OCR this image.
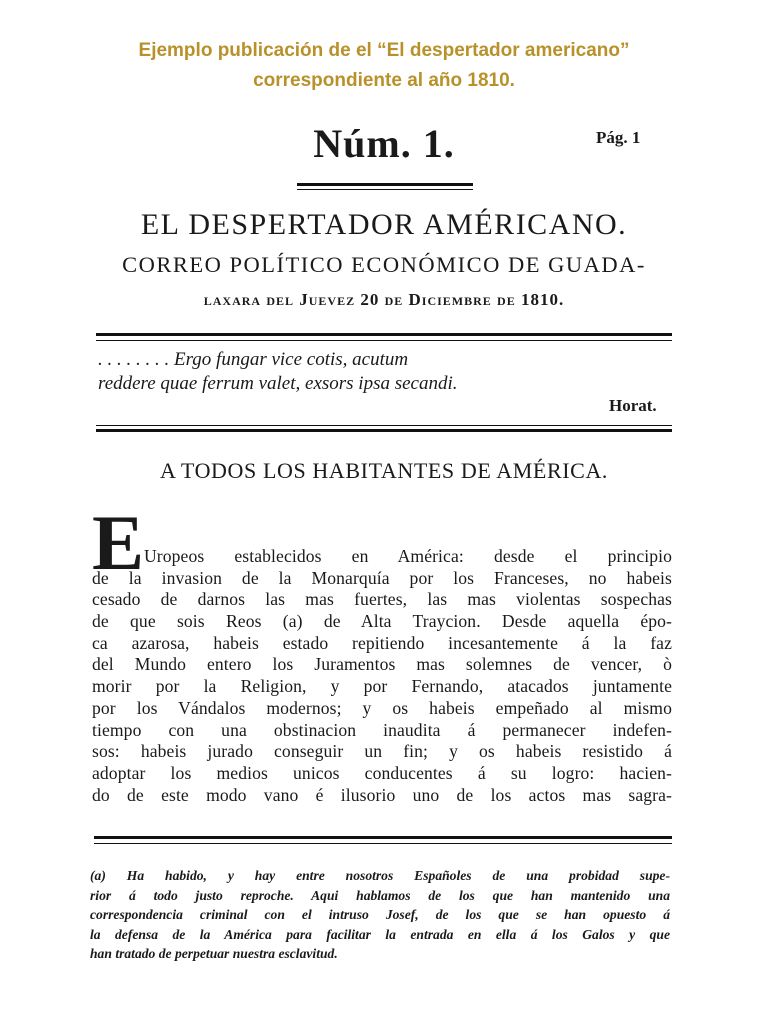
Ejemplo publicación de el “El despertador americano”
correspondiente al año 1810.
Núm. 1.	Pág. 1
EL DESPERTADOR AMÉRICANO.
CORREO POLÍTICO ECONÓMICO DE GUADA-
laxara del Juevez 20 de Diciembre de 1810.
. . . . . . . . Ergo fungar vice cotis, acutum
reddere quae ferrum valet, exsors ipsa secandi.
Horat.
A TODOS LOS HABITANTES DE AMÉRICA.
E Uropeos establecidos en América: desde el principio
de la invasion de la Monarquía por los Franceses, no habeis
cesado de darnos las mas fuertes, las mas violentas sospechas
de que sois Reos (a) de Alta Traycion. Desde aquella épo-
ca azarosa, habeis estado repitiendo incesantemente á la faz
del Mundo entero los Juramentos mas solemnes de vencer, ò
morir por la Religion, y por Fernando, atacados juntamente
por los Vándalos modernos; y os habeis empeñado al mismo
tiempo con una obstinacion inaudita á permanecer indefen-
sos: habeis jurado conseguir un fin; y os habeis resistido á
adoptar los medios unicos conducentes á su logro: hacien-
do de este modo vano é ilusorio uno de los actos mas sagra-
(a) Ha habido, y hay entre nosotros Españoles de una probidad supe-
rior á todo justo reproche. Aqui hablamos de los que han mantenido una
correspondencia criminal con el intruso Josef, de los que se han opuesto á
la defensa de la América para facilitar la entrada en ella á los Galos y que
han tratado de perpetuar nuestra esclavitud.
